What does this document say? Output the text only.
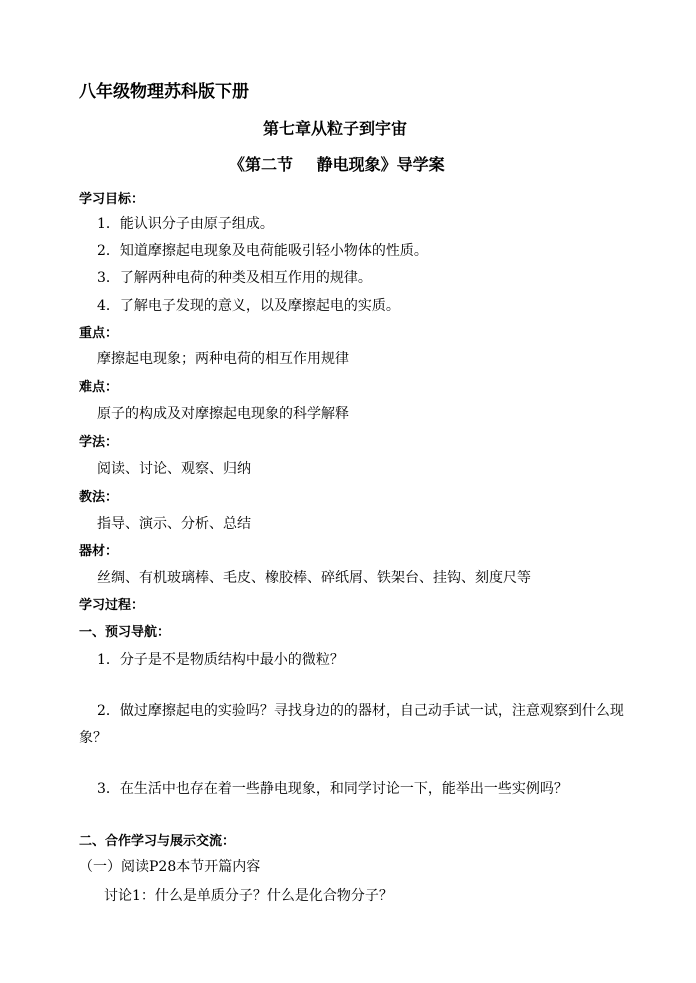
八年级物理苏科版下册
第七章从粒子到宇宙
《第二节 静电现象》导学案
学习目标：
1．能认识分子由原子组成。
2．知道摩擦起电现象及电荷能吸引轻小物体的性质。
3．了解两种电荷的种类及相互作用的规律。
4．了解电子发现的意义，以及摩擦起电的实质。
重点：
摩擦起电现象；两种电荷的相互作用规律
难点：
原子的构成及对摩擦起电现象的科学解释
学法：
阅读、讨论、观察、归纳
教法：
指导、演示、分析、总结
器材：
丝绸、有机玻璃棒、毛皮、橡胶棒、碎纸屑、铁架台、挂钩、刻度尺等
学习过程：
一、预习导航：
1．分子是不是物质结构中最小的微粒？
2．做过摩擦起电的实验吗？寻找身边的的器材，自己动手试一试，注意观察到什么现
象？
3．在生活中也存在着一些静电现象，和同学讨论一下，能举出一些实例吗？
二、合作学习与展示交流：
（一）阅读P28本节开篇内容
讨论1：什么是单质分子？什么是化合物分子？
